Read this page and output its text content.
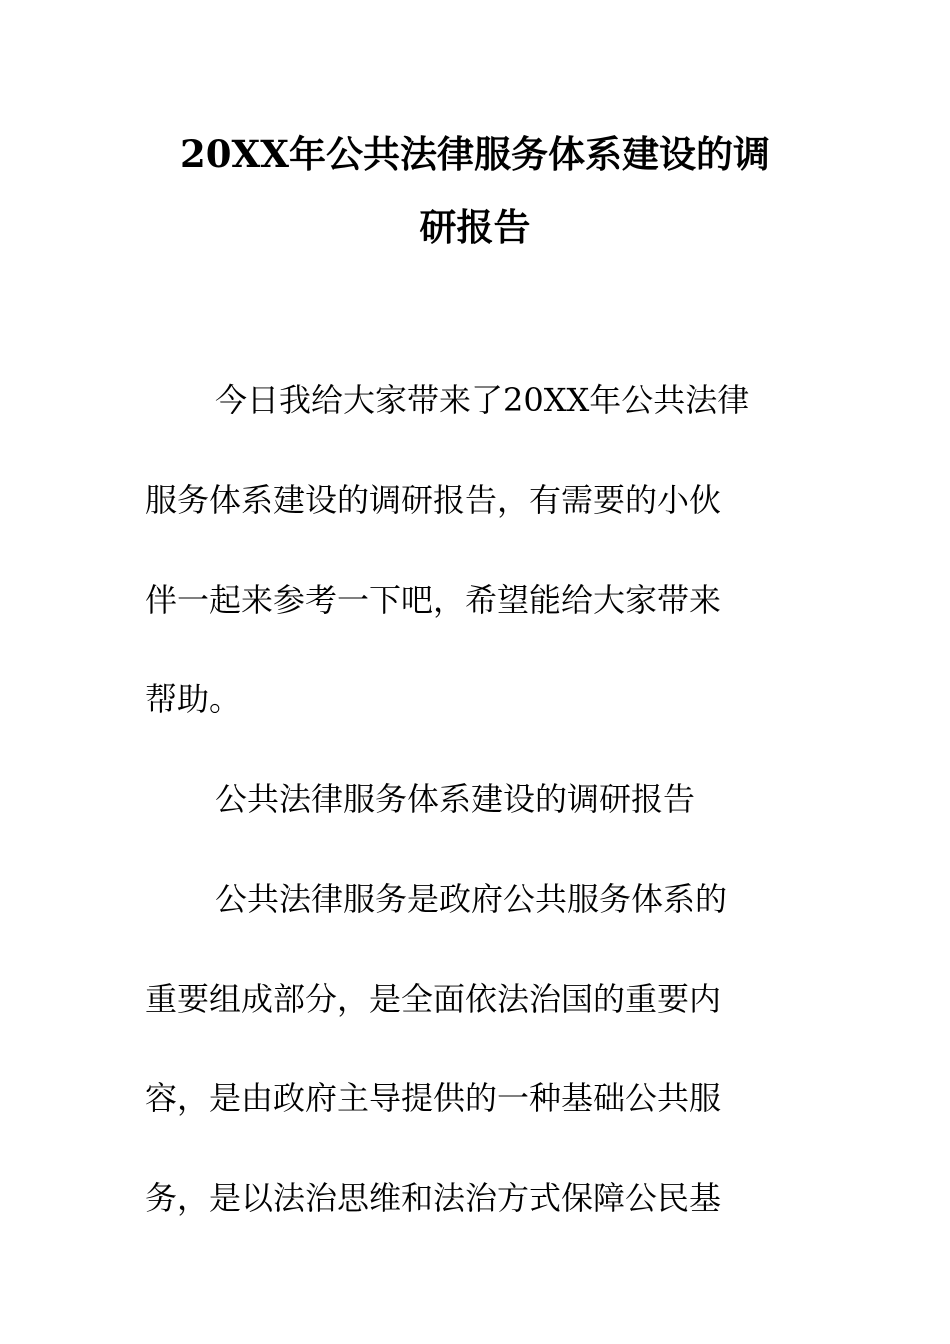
20XX年公共法律服务体系建设的调
研报告
今日我给大家带来了20XX年公共法律
服务体系建设的调研报告，有需要的小伙
伴一起来参考一下吧，希望能给大家带来
帮助。
公共法律服务体系建设的调研报告
公共法律服务是政府公共服务体系的
重要组成部分，是全面依法治国的重要内
容，是由政府主导提供的一种基础公共服
务，是以法治思维和法治方式保障公民基
